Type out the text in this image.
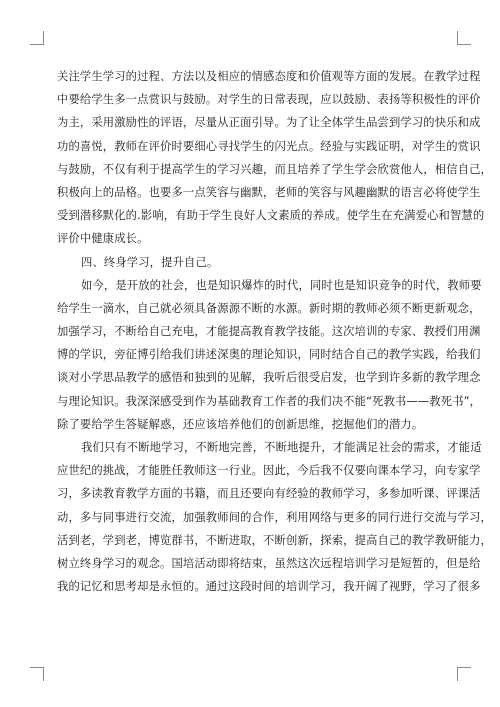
关注学生学习的过程、方法以及相应的情感态度和价值观等方面的发展。在教学过程
中要给学生多一点赏识与鼓励。对学生的日常表现，应以鼓励、表扬等积极性的评价
为主，采用激励性的评语，尽量从正面引导。为了让全体学生品尝到学习的快乐和成
功的喜悦，教师在评价时要细心寻找学生的闪光点。经验与实践证明，对学生的赏识
与鼓励，不仅有利于提高学生的学习兴趣，而且培养了学生学会欣赏他人，相信自己，
积极向上的品格。也要多一点笑容与幽默，老师的笑容与风趣幽默的语言必将使学生
受到潜移默化的.影响，有助于学生良好人文素质的养成。使学生在充满爱心和智慧的
评价中健康成长。
四、终身学习，提升自己。
如今，是开放的社会，也是知识爆炸的时代，同时也是知识竞争的时代，教师要
给学生一滴水，自己就必须具备源源不断的水源。新时期的教师必须不断更新观念，
加强学习，不断给自己充电，才能提高教育教学技能。这次培训的专家、教授们用渊
博的学识，旁征博引给我们讲述深奥的理论知识，同时结合自己的教学实践，给我们
谈对小学思品教学的感悟和独到的见解，我听后很受启发，也学到许多新的教学理念
与理论知识。我深深感受到作为基础教育工作者的我们决不能“死教书——教死书”，
除了要给学生答疑解惑，还应该培养他们的创新思维，挖掘他们的潜力。
我们只有不断地学习，不断地完善，不断地提升，才能满足社会的需求，才能适
应世纪的挑战，才能胜任教师这一行业。因此，今后我不仅要向课本学习，向专家学
习，多读教育教学方面的书籍，而且还要向有经验的教师学习，多参加听课、评课活
动，多与同事进行交流，加强教师间的合作，利用网络与更多的同行进行交流与学习，
活到老，学到老，博览群书，不断进取，不断创新，探索，提高自己的教学教研能力，
树立终身学习的观念。国培活动即将结束，虽然这次远程培训学习是短暂的，但是给
我的记忆和思考却是永恒的。通过这段时间的培训学习，我开阔了视野，学习了很多
